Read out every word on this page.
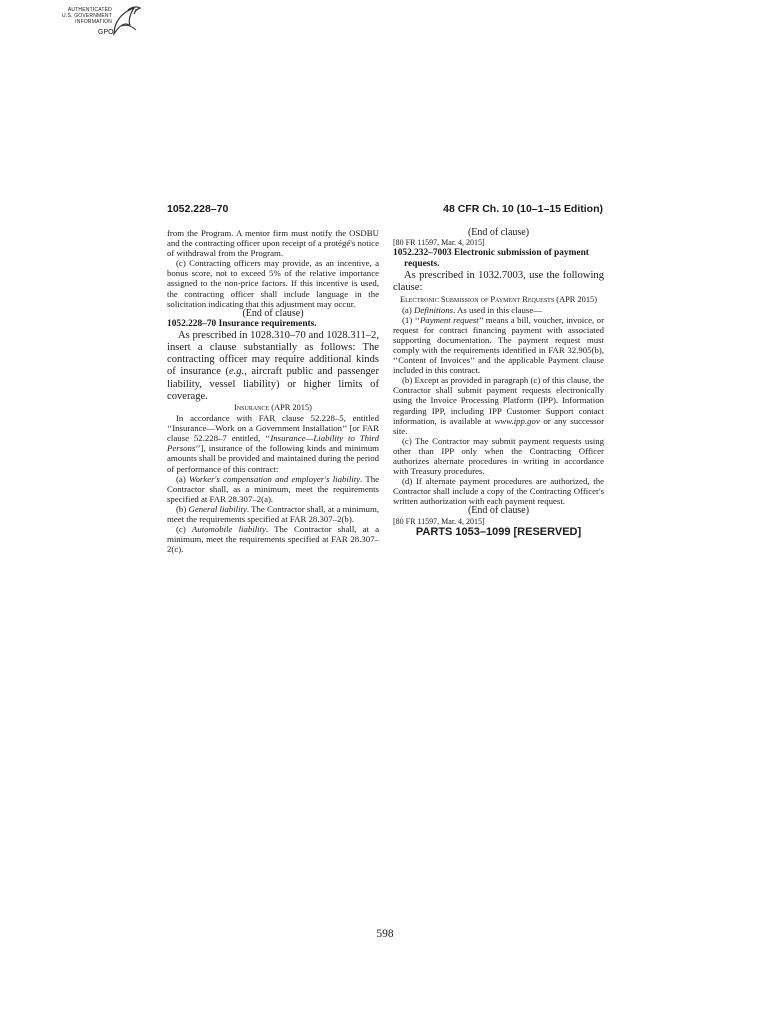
AUTHENTICATED
U.S. GOVERNMENT
INFORMATION
GPO

1052.228–70	48 CFR Ch. 10 (10–1–15 Edition)

from the Program. A mentor firm must notify the OSDBU and the contracting officer upon receipt of a protégé's notice of withdrawal from the Program.

(c) Contracting officers may provide, as an incentive, a bonus score, not to exceed 5% of the relative importance assigned to the non-price factors. If this incentive is used, the contracting officer shall include language in the solicitation indicating that this adjustment may occur.

(End of clause)

1052.228–70 Insurance requirements.

As prescribed in 1028.310–70 and 1028.311–2, insert a clause substantially as follows: The contracting officer may require additional kinds of insurance (e.g., aircraft public and passenger liability, vessel liability) or higher limits of coverage.

Insurance (APR 2015)

In accordance with FAR clause 52.228–5, entitled ‘‘Insurance—Work on a Government Installation’’ [or FAR clause 52.228–7 entitled, ‘‘Insurance—Liability to Third Persons’’], insurance of the following kinds and minimum amounts shall be provided and maintained during the period of performance of this contract:

(a) Worker's compensation and employer's liability. The Contractor shall, as a minimum, meet the requirements specified at FAR 28.307–2(a).

(b) General liability. The Contractor shall, at a minimum, meet the requirements specified at FAR 28.307–2(b).

(c) Automobile liability. The Contractor shall, at a minimum, meet the requirements specified at FAR 28.307–2(c).

(End of clause)

[80 FR 11597, Mar. 4, 2015]

1052.232–7003 Electronic submission of payment requests.

As prescribed in 1032.7003, use the following clause:

Electronic Submission of Payment Requests (APR 2015)

(a) Definitions. As used in this clause—

(1) ‘‘Payment request’’ means a bill, voucher, invoice, or request for contract financing payment with associated supporting documentation. The payment request must comply with the requirements identified in FAR 32.905(b), ‘‘Content of Invoices’’ and the applicable Payment clause included in this contract.

(b) Except as provided in paragraph (c) of this clause, the Contractor shall submit payment requests electronically using the Invoice Processing Platform (IPP). Information regarding IPP, including IPP Customer Support contact information, is available at www.ipp.gov or any successor site.

(c) The Contractor may submit payment requests using other than IPP only when the Contracting Officer authorizes alternate procedures in writing in accordance with Treasury procedures.

(d) If alternate payment procedures are authorized, the Contractor shall include a copy of the Contracting Officer's written authorization with each payment request.

(End of clause)

[80 FR 11597, Mar. 4, 2015]

PARTS 1053–1099 [RESERVED]

598
